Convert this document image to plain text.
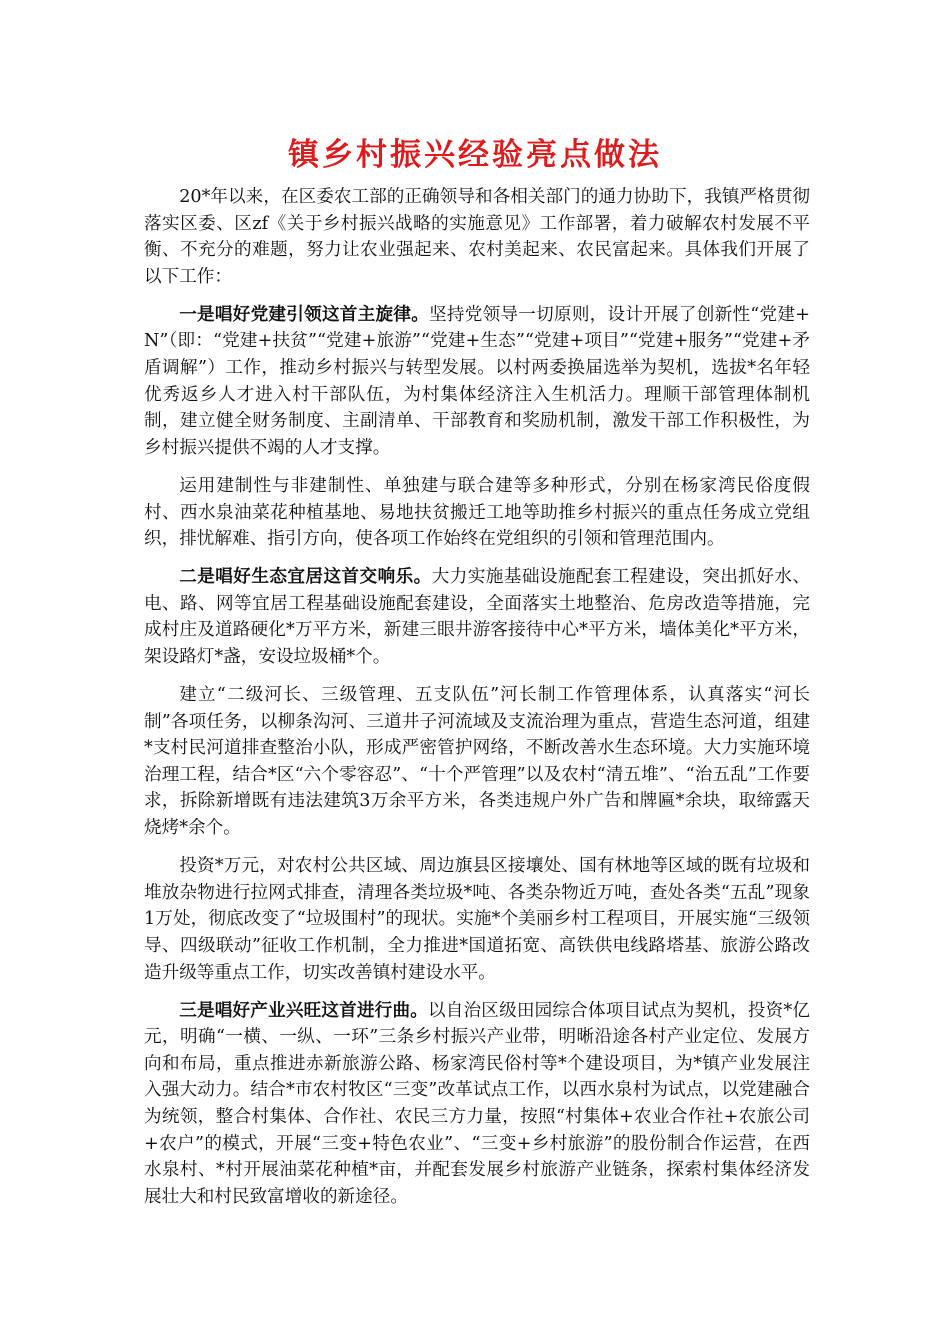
镇乡村振兴经验亮点做法

20*年以来，在区委农工部的正确领导和各相关部门的通力协助下，我镇严格贯彻落实区委、区zf《关于乡村振兴战略的实施意见》工作部署，着力破解农村发展不平衡、不充分的难题，努力让农业强起来、农村美起来、农民富起来。具体我们开展了以下工作：

一是唱好党建引领这首主旋律。坚持党领导一切原则，设计开展了创新性“党建+N”（即：“党建+扶贫”“党建+旅游”“党建+生态”“党建+项目”“党建+服务”“党建+矛盾调解”）工作，推动乡村振兴与转型发展。以村两委换届选举为契机，选拔*名年轻优秀返乡人才进入村干部队伍，为村集体经济注入生机活力。理顺干部管理体制机制，建立健全财务制度、主副清单、干部教育和奖励机制，激发干部工作积极性，为乡村振兴提供不竭的人才支撑。

运用建制性与非建制性、单独建与联合建等多种形式，分别在杨家湾民俗度假村、西水泉油菜花种植基地、易地扶贫搬迁工地等助推乡村振兴的重点任务成立党组织，排忧解难、指引方向，使各项工作始终在党组织的引领和管理范围内。

二是唱好生态宜居这首交响乐。大力实施基础设施配套工程建设，突出抓好水、电、路、网等宜居工程基础设施配套建设，全面落实土地整治、危房改造等措施，完成村庄及道路硬化*万平方米，新建三眼井游客接待中心*平方米，墙体美化*平方米，架设路灯*盏，安设垃圾桶*个。

建立“二级河长、三级管理、五支队伍”河长制工作管理体系，认真落实“河长制”各项任务，以柳条沟河、三道井子河流域及支流治理为重点，营造生态河道，组建*支村民河道排查整治小队，形成严密管护网络，不断改善水生态环境。大力实施环境治理工程，结合*区“六个零容忍”、“十个严管理”以及农村“清五堆”、“治五乱”工作要求，拆除新增既有违法建筑3万余平方米，各类违规户外广告和牌匾*余块，取缔露天烧烤*余个。

投资*万元，对农村公共区域、周边旗县区接壤处、国有林地等区域的既有垃圾和堆放杂物进行拉网式排查，清理各类垃圾*吨、各类杂物近万吨，查处各类“五乱”现象1万处，彻底改变了“垃圾围村”的现状。实施*个美丽乡村工程项目，开展实施“三级领导、四级联动”征收工作机制，全力推进*国道拓宽、高铁供电线路塔基、旅游公路改造升级等重点工作，切实改善镇村建设水平。

三是唱好产业兴旺这首进行曲。以自治区级田园综合体项目试点为契机，投资*亿元，明确“一横、一纵、一环”三条乡村振兴产业带，明晰沿途各村产业定位、发展方向和布局，重点推进赤新旅游公路、杨家湾民俗村等*个建设项目，为*镇产业发展注入强大动力。结合*市农村牧区“三变”改革试点工作，以西水泉村为试点，以党建融合为统领，整合村集体、合作社、农民三方力量，按照“村集体+农业合作社+农旅公司+农户”的模式，开展“三变+特色农业”、“三变+乡村旅游”的股份制合作运营，在西水泉村、*村开展油菜花种植*亩，并配套发展乡村旅游产业链条，探索村集体经济发展壮大和村民致富增收的新途径。
